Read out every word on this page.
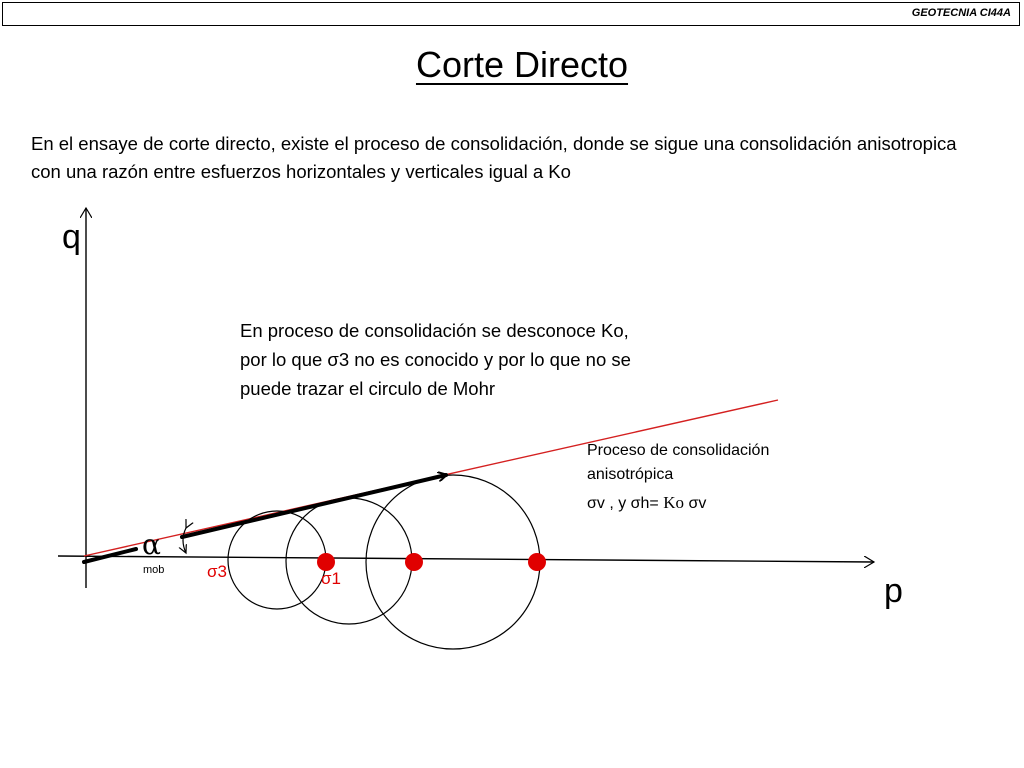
GEOTECNIA CI44A
Corte Directo
En el ensaye de corte directo, existe el proceso de consolidación, donde se sigue una consolidación anisotropica con una razón entre esfuerzos horizontales y verticales igual a Ko
q
p
α
mob	σ3	σ1
En proceso de consolidación se desconoce Ko, por lo que σ3 no es conocido y por lo que no se puede trazar el circulo de Mohr
Proceso de consolidación anisotrópica
σv , y σh= Ko σv
